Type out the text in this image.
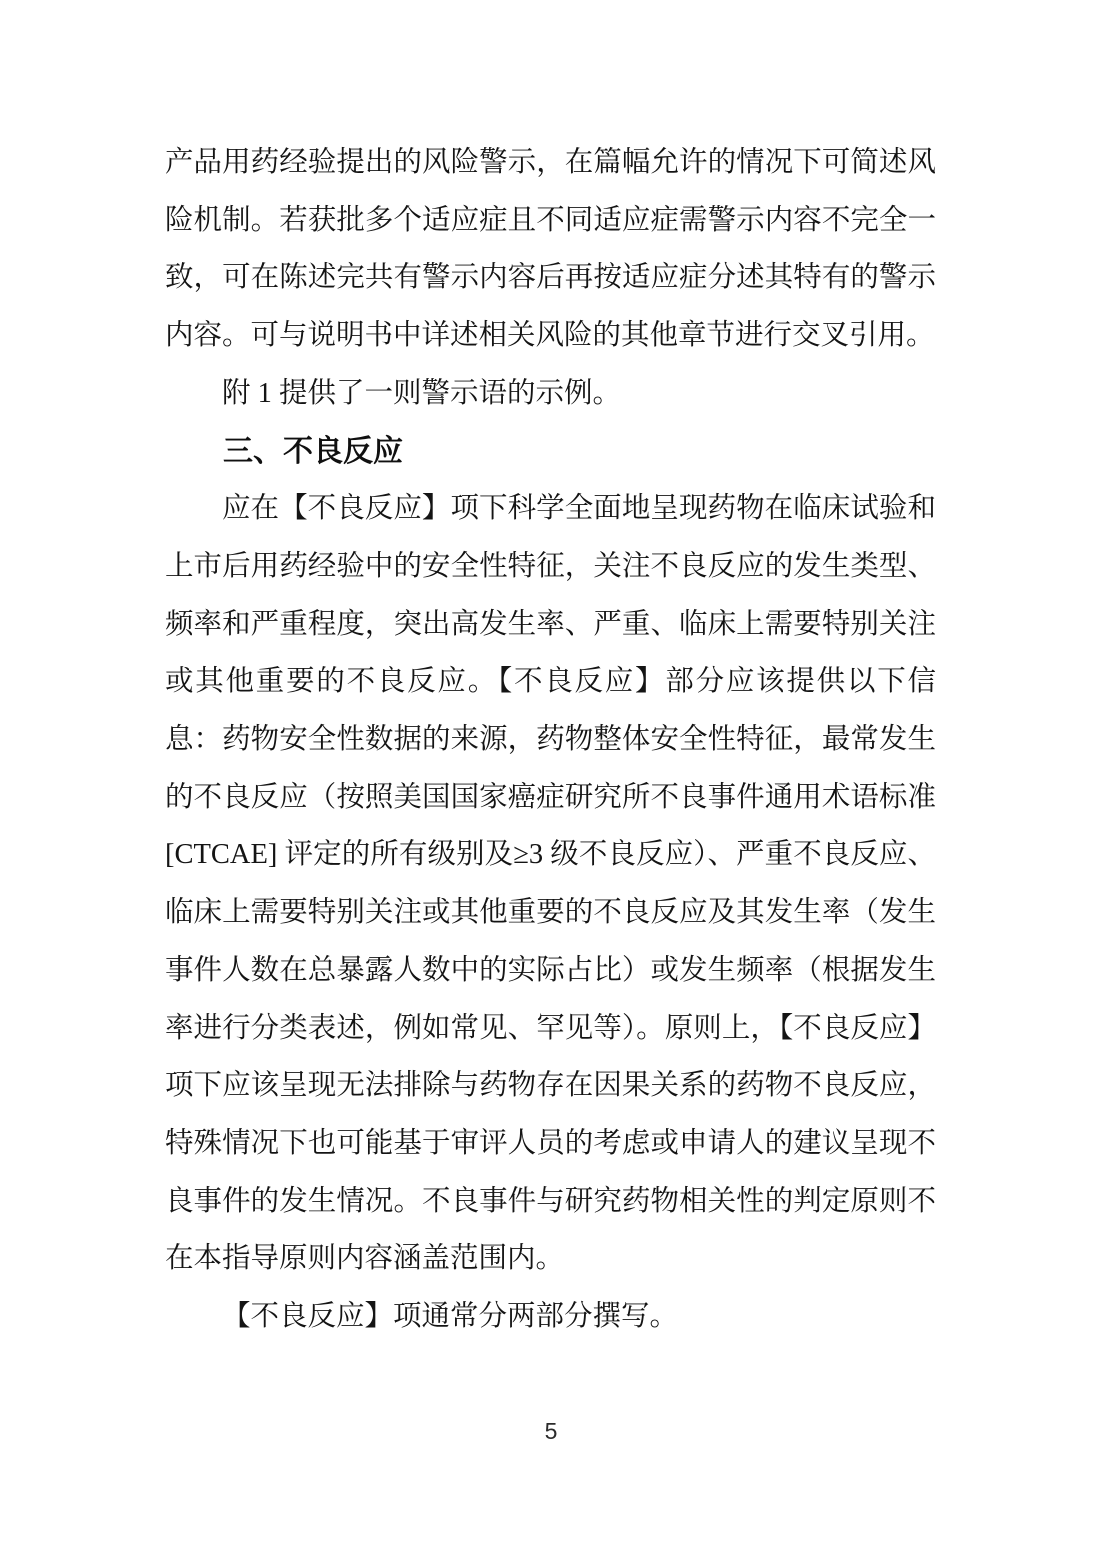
产品用药经验提出的风险警示，在篇幅允许的情况下可简述风险机制。若获批多个适应症且不同适应症需警示内容不完全一致，可在陈述完共有警示内容后再按适应症分述其特有的警示内容。可与说明书中详述相关风险的其他章节进行交叉引用。

附 1 提供了一则警示语的示例。

三、不良反应

应在【不良反应】项下科学全面地呈现药物在临床试验和上市后用药经验中的安全性特征，关注不良反应的发生类型、频率和严重程度，突出高发生率、严重、临床上需要特别关注或其他重要的不良反应。【不良反应】部分应该提供以下信息：药物安全性数据的来源，药物整体安全性特征，最常发生的不良反应（按照美国国家癌症研究所不良事件通用术语标准 [CTCAE] 评定的所有级别及≥3 级不良反应）、严重不良反应、临床上需要特别关注或其他重要的不良反应及其发生率（发生事件人数在总暴露人数中的实际占比）或发生频率（根据发生率进行分类表述，例如常见、罕见等）。原则上，【不良反应】项下应该呈现无法排除与药物存在因果关系的药物不良反应，特殊情况下也可能基于审评人员的考虑或申请人的建议呈现不良事件的发生情况。不良事件与研究药物相关性的判定原则不在本指导原则内容涵盖范围内。

【不良反应】项通常分两部分撰写。

5
